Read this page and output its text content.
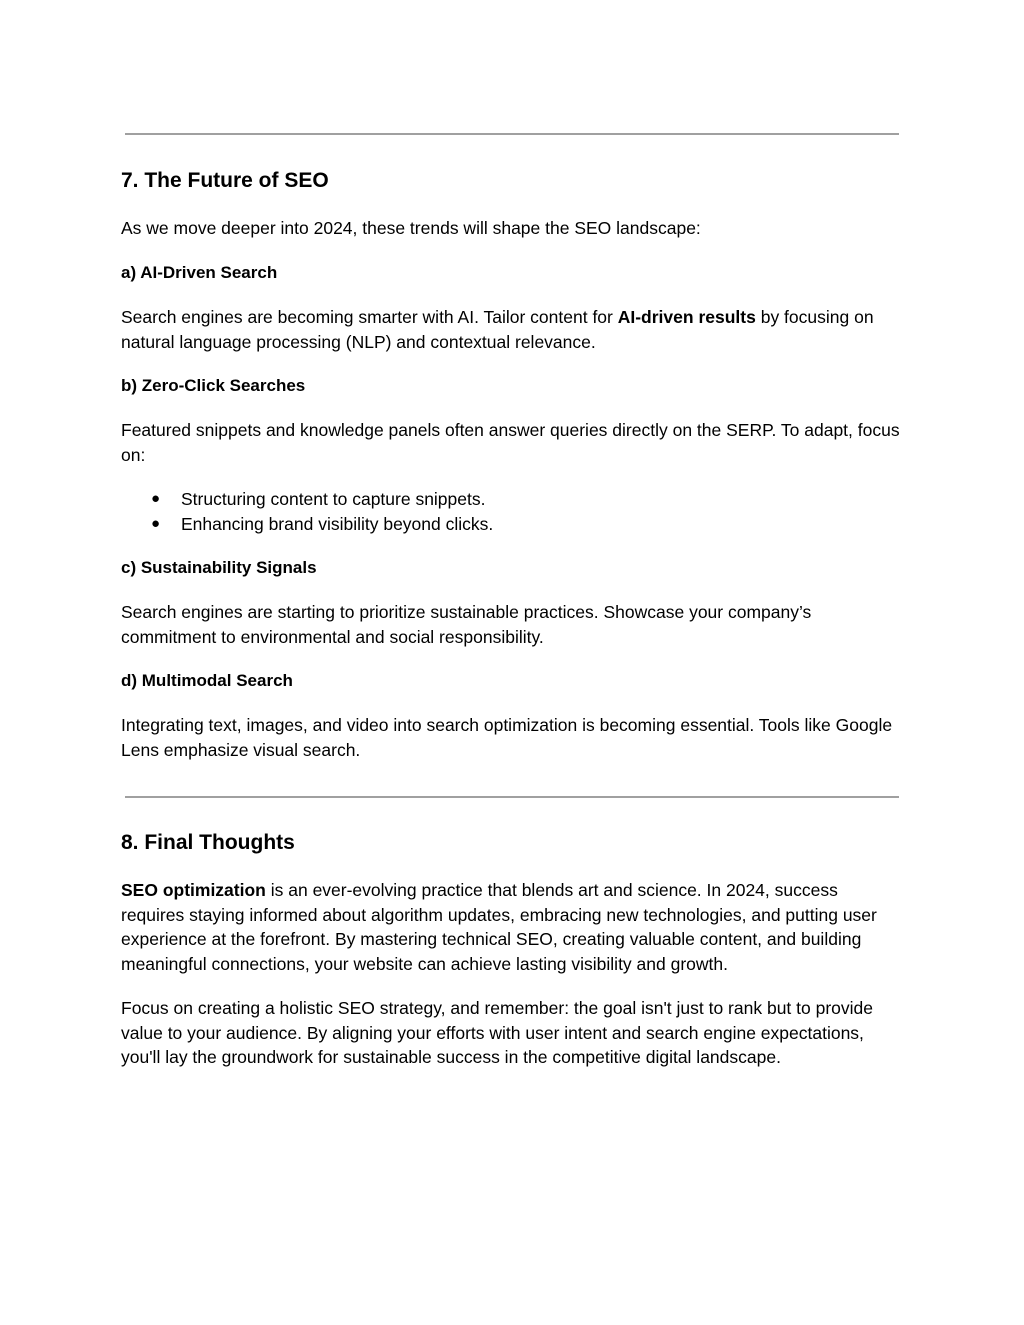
7. The Future of SEO

As we move deeper into 2024, these trends will shape the SEO landscape:

a) AI-Driven Search

Search engines are becoming smarter with AI. Tailor content for AI-driven results by focusing on natural language processing (NLP) and contextual relevance.

b) Zero-Click Searches

Featured snippets and knowledge panels often answer queries directly on the SERP. To adapt, focus on:

● Structuring content to capture snippets.
● Enhancing brand visibility beyond clicks.
c) Sustainability Signals

Search engines are starting to prioritize sustainable practices. Showcase your company’s commitment to environmental and social responsibility.

d) Multimodal Search

Integrating text, images, and video into search optimization is becoming essential. Tools like Google Lens emphasize visual search.

8. Final Thoughts

SEO optimization is an ever-evolving practice that blends art and science. In 2024, success requires staying informed about algorithm updates, embracing new technologies, and putting user experience at the forefront. By mastering technical SEO, creating valuable content, and building meaningful connections, your website can achieve lasting visibility and growth.

Focus on creating a holistic SEO strategy, and remember: the goal isn't just to rank but to provide value to your audience. By aligning your efforts with user intent and search engine expectations, you'll lay the groundwork for sustainable success in the competitive digital landscape.
